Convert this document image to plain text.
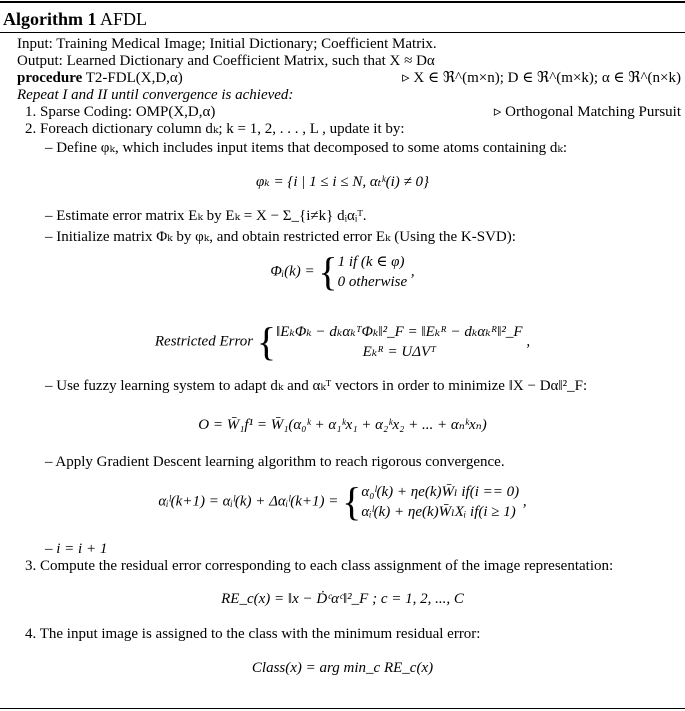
Algorithm 1 AFDL
Input: Training Medical Image; Initial Dictionary; Coefficient Matrix.
Output: Learned Dictionary and Coefficient Matrix, such that X ≈ Dα
procedure T2-FDL(X,D,α)	▹ X ∈ ℜ^(m×n); D ∈ ℜ^(m×k); α ∈ ℜ^(n×k)
Repeat I and II until convergence is achieved:
1. Sparse Coding: OMP(X,D,α)	▹ Orthogonal Matching Pursuit
2. Foreach dictionary column dₖ; k = 1, 2, . . . , L , update it by:
– Define φₖ, which includes input items that decomposed to some atoms containing dₖ:
φₖ = {i | 1 ≤ i ≤ N, αₜᵏ(i) ≠ 0}
– Estimate error matrix Eₖ by Eₖ = X − Σ_{i≠k} dᵢαᵢᵀ.
– Initialize matrix Φₖ by φₖ, and obtain restricted error Eₖ (Using the K-SVD):
Φᵢ(k) = {1 if (k ∈ φ)
0 otherwise ,
Restricted Error {‖EₖΦₖ − dₖαₖᵀΦₖ‖²_F = ‖Eₖᴿ − dₖαₖᴿ‖²_F
Eₖᴿ = UΔVᵀ ,
– Use fuzzy learning system to adapt dₖ and αₖᵀ vectors in order to minimize ‖X − Dα‖²_F:
O = W̄₁f¹ = W̄₁(α₀ᵏ + α₁ᵏx₁ + α₂ᵏx₂ + ... + αₙᵏxₙ)
– Apply Gradient Descent learning algorithm to reach rigorous convergence.
αᵢˡ(k+1) = αᵢˡ(k) + Δαᵢˡ(k+1) = {α₀ˡ(k) + ηe(k)W̄ₗ if(i == 0)
αᵢˡ(k) + ηe(k)W̄ₗXᵢ if(i ≥ 1) ,
– i = i + 1
3. Compute the residual error corresponding to each class assignment of the image representation:
RE_c(x) = ‖x − Ḋᶜαᶜ‖²_F ; c = 1, 2, ..., C
4. The input image is assigned to the class with the minimum residual error:
Class(x) = arg min_c RE_c(x)
